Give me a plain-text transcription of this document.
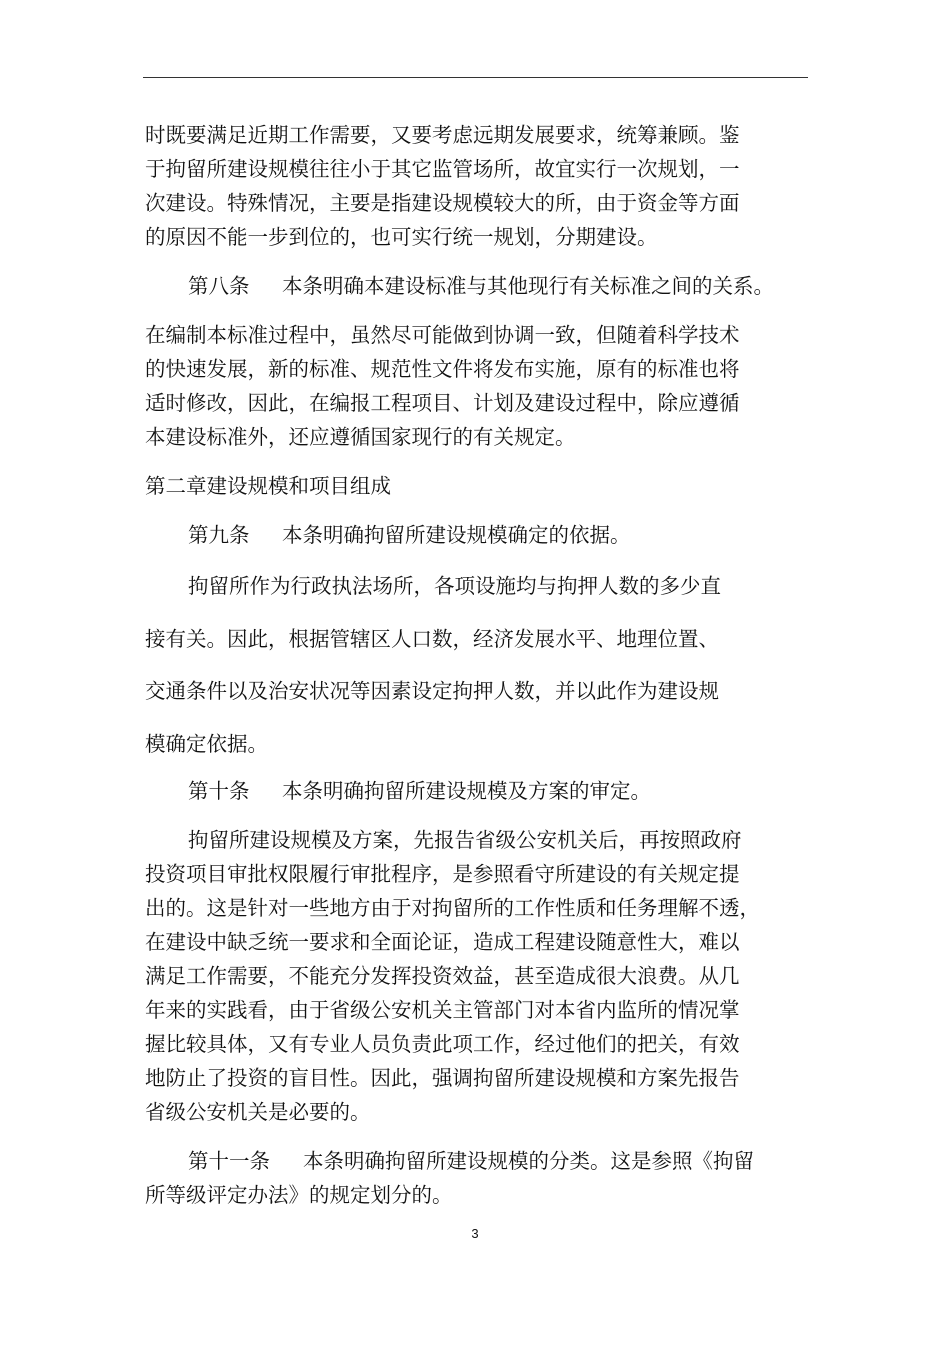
时既要满足近期工作需要，又要考虑远期发展要求，统筹兼顾。鉴
于拘留所建设规模往往小于其它监管场所，故宜实行一次规划，一
次建设。特殊情况，主要是指建设规模较大的所，由于资金等方面
的原因不能一步到位的，也可实行统一规划，分期建设。
第八条 本条明确本建设标准与其他现行有关标准之间的关系。
在编制本标准过程中，虽然尽可能做到协调一致，但随着科学技术
的快速发展，新的标准、规范性文件将发布实施，原有的标准也将
适时修改，因此，在编报工程项目、计划及建设过程中，除应遵循
本建设标准外，还应遵循国家现行的有关规定。
第二章建设规模和项目组成
第九条 本条明确拘留所建设规模确定的依据。
拘留所作为行政执法场所，各项设施均与拘押人数的多少直
接有关。因此，根据管辖区人口数，经济发展水平、地理位置、
交通条件以及治安状况等因素设定拘押人数，并以此作为建设规
模确定依据。
第十条 本条明确拘留所建设规模及方案的审定。
拘留所建设规模及方案，先报告省级公安机关后，再按照政府
投资项目审批权限履行审批程序，是参照看守所建设的有关规定提
出的。这是针对一些地方由于对拘留所的工作性质和任务理解不透，
在建设中缺乏统一要求和全面论证，造成工程建设随意性大，难以
满足工作需要，不能充分发挥投资效益，甚至造成很大浪费。从几
年来的实践看，由于省级公安机关主管部门对本省内监所的情况掌
握比较具体，又有专业人员负责此项工作，经过他们的把关，有效
地防止了投资的盲目性。因此，强调拘留所建设规模和方案先报告
省级公安机关是必要的。
第十一条 本条明确拘留所建设规模的分类。这是参照《拘留
所等级评定办法》的规定划分的。
3
